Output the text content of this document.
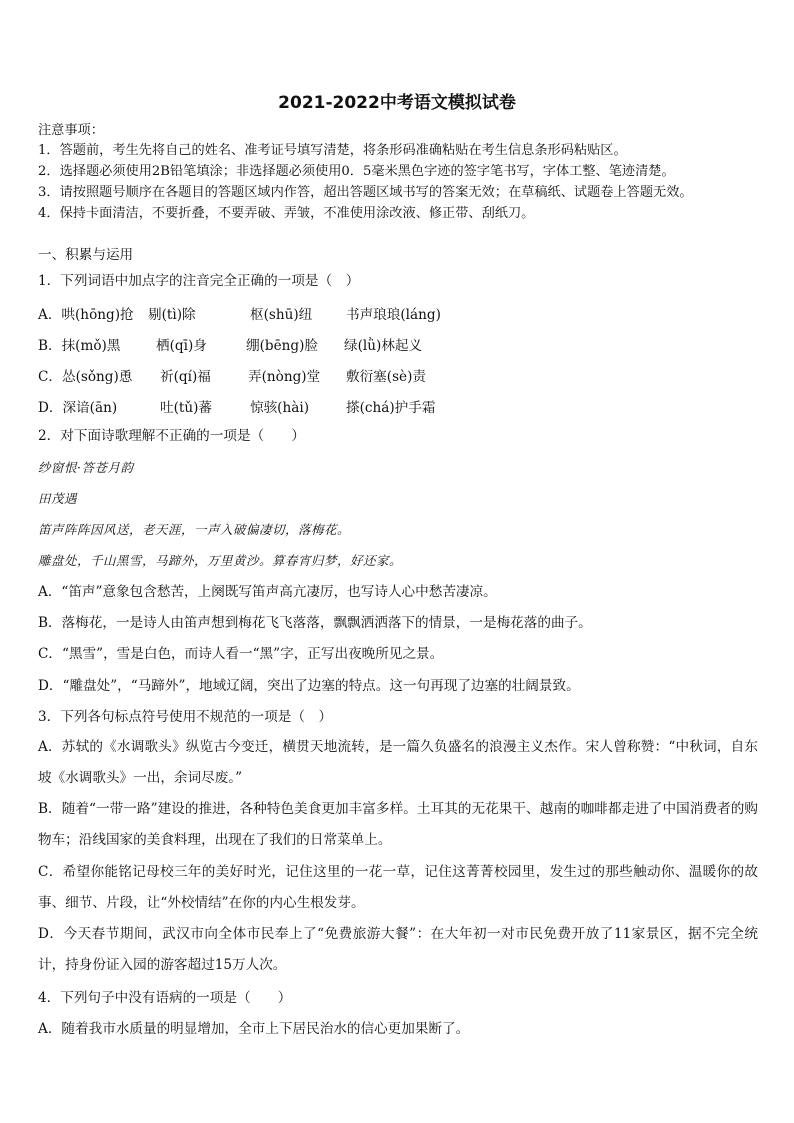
2021-2022中考语文模拟试卷
注意事项：
1．答题前，考生先将自己的姓名、准考证号填写清楚，将条形码准确粘贴在考生信息条形码粘贴区。
2．选择题必须使用2B铅笔填涂；非选择题必须使用0．5毫米黑色字迹的签字笔书写，字体工整、笔迹清楚。
3．请按照题号顺序在各题目的答题区域内作答，超出答题区域书写的答案无效；在草稿纸、试题卷上答题无效。
4．保持卡面清洁，不要折叠，不要弄破、弄皱，不准使用涂改液、修正带、刮纸刀。
一、积累与运用
1．下列词语中加点字的注音完全正确的一项是（　）
A．哄(hōng)抢 剔(tì)除	枢(shū)纽 书声琅琅(láng)
B．抹(mǒ)黑	栖(qī)身	绷(bēng)脸 绿(lǜ)林起义
C．怂(sǒng)恿 祈(qí)福	弄(nòng)堂 敷衍塞(sè)责
D．深谙(ān)	吐(tǔ)蕃	惊骇(hài)	搽(chá)护手霜
2．对下面诗歌理解不正确的一项是（　　）
纱窗恨·答苍月韵
田茂遇
笛声阵阵因风送，老天涯，一声入破偏凄切，落梅花。
雕盘处，千山黑雪，马蹄外，万里黄沙。算春宵归梦，好还家。
A．“笛声”意象包含愁苦，上阕既写笛声高亢凄厉，也写诗人心中愁苦凄凉。
B．落梅花，一是诗人由笛声想到梅花飞飞落落，飘飘洒洒落下的情景，一是梅花落的曲子。
C．“黑雪”，雪是白色，而诗人看一“黑”字，正写出夜晚所见之景。
D．“雕盘处”，“马蹄外”，地域辽阔，突出了边塞的特点。这一句再现了边塞的壮阔景致。
3．下列各句标点符号使用不规范的一项是（　）
A．苏轼的《水调歌头》纵览古今变迁，横贯天地流转，是一篇久负盛名的浪漫主义杰作。宋人曾称赞：“中秋词，自东坡《水调歌头》一出，余词尽废。”
B．随着“一带一路”建设的推进，各种特色美食更加丰富多样。土耳其的无花果干、越南的咖啡都走进了中国消费者的购物车；沿线国家的美食料理，出现在了我们的日常菜单上。
C．希望你能铭记母校三年的美好时光，记住这里的一花一草，记住这菁菁校园里，发生过的那些触动你、温暖你的故事、细节、片段，让“外校情结”在你的内心生根发芽。
D．今天春节期间，武汉市向全体市民奉上了“免费旅游大餐”：在大年初一对市民免费开放了11家景区，据不完全统计，持身份证入园的游客超过15万人次。
4．下列句子中没有语病的一项是（　　）
A．随着我市水质量的明显增加，全市上下居民治水的信心更加果断了。
